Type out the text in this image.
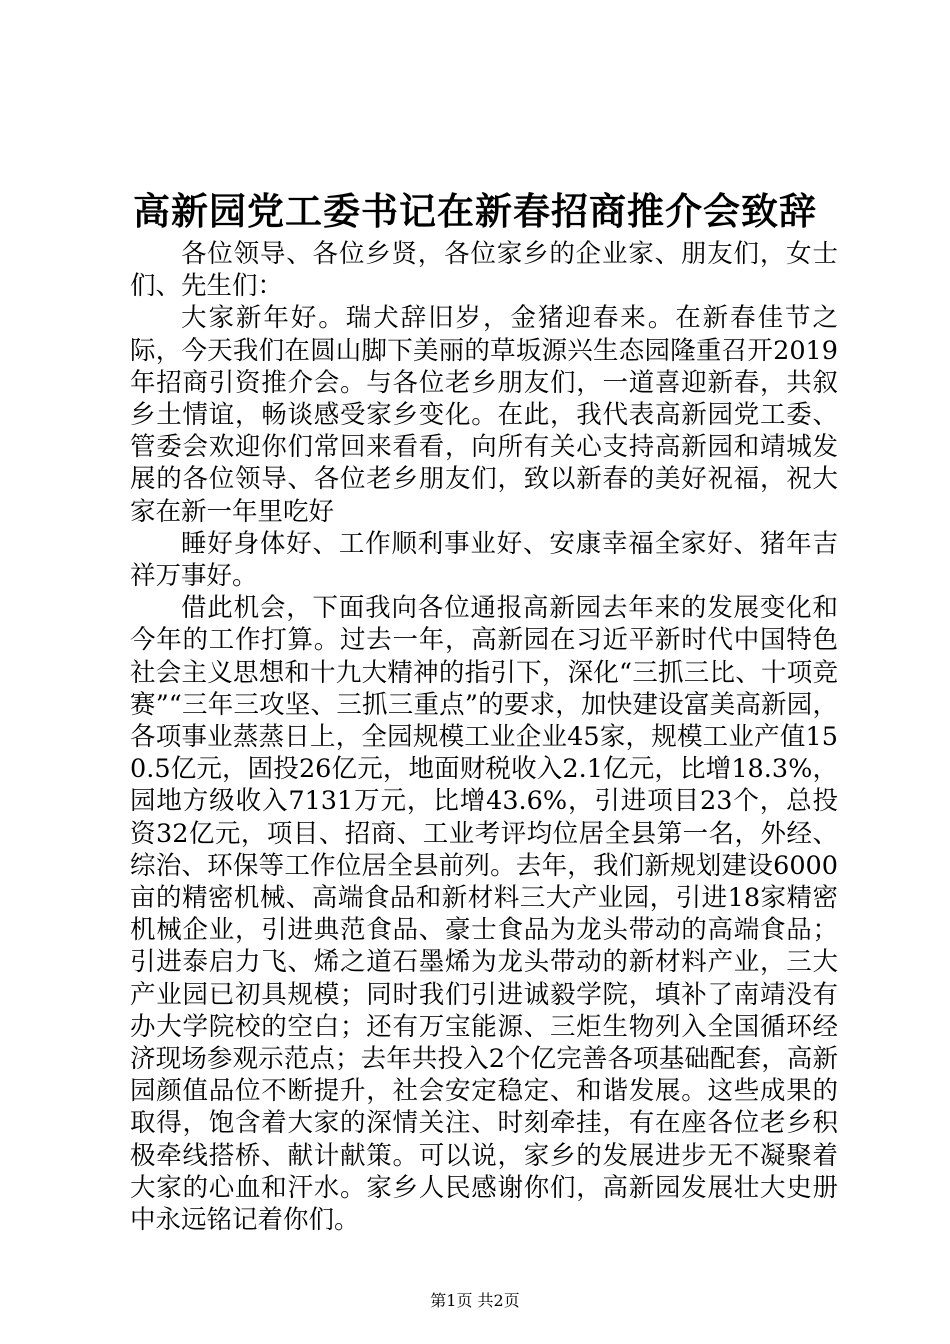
高新园党工委书记在新春招商推介会致辞

各位领导、各位乡贤，各位家乡的企业家、朋友们，女士们、先生们：

大家新年好。瑞犬辞旧岁，金猪迎春来。在新春佳节之际，今天我们在圆山脚下美丽的草坂源兴生态园隆重召开2019年招商引资推介会。与各位老乡朋友们，一道喜迎新春，共叙乡土情谊，畅谈感受家乡变化。在此，我代表高新园党工委、管委会欢迎你们常回来看看，向所有关心支持高新园和靖城发展的各位领导、各位老乡朋友们，致以新春的美好祝福，祝大家在新一年里吃好

睡好身体好、工作顺利事业好、安康幸福全家好、猪年吉祥万事好。

借此机会，下面我向各位通报高新园去年来的发展变化和今年的工作打算。过去一年，高新园在习近平新时代中国特色社会主义思想和十九大精神的指引下，深化“三抓三比、十项竞赛”“三年三攻坚、三抓三重点”的要求，加快建设富美高新园，各项事业蒸蒸日上，全园规模工业企业45家，规模工业产值150.5亿元，固投26亿元，地面财税收入2.1亿元，比增18.3%，园地方级收入7131万元，比增43.6%，引进项目23个，总投资32亿元，项目、招商、工业考评均位居全县第一名，外经、综治、环保等工作位居全县前列。去年，我们新规划建设6000亩的精密机械、高端食品和新材料三大产业园，引进18家精密机械企业，引进典范食品、豪士食品为龙头带动的高端食品；引进泰启力飞、烯之道石墨烯为龙头带动的新材料产业，三大产业园已初具规模；同时我们引进诚毅学院，填补了南靖没有办大学院校的空白；还有万宝能源、三炬生物列入全国循环经济现场参观示范点；去年共投入2个亿完善各项基础配套，高新园颜值品位不断提升，社会安定稳定、和谐发展。这些成果的取得，饱含着大家的深情关注、时刻牵挂，有在座各位老乡积极牵线搭桥、献计献策。可以说，家乡的发展进步无不凝聚着大家的心血和汗水。家乡人民感谢你们，高新园发展壮大史册中永远铭记着你们。

第1页 共2页
